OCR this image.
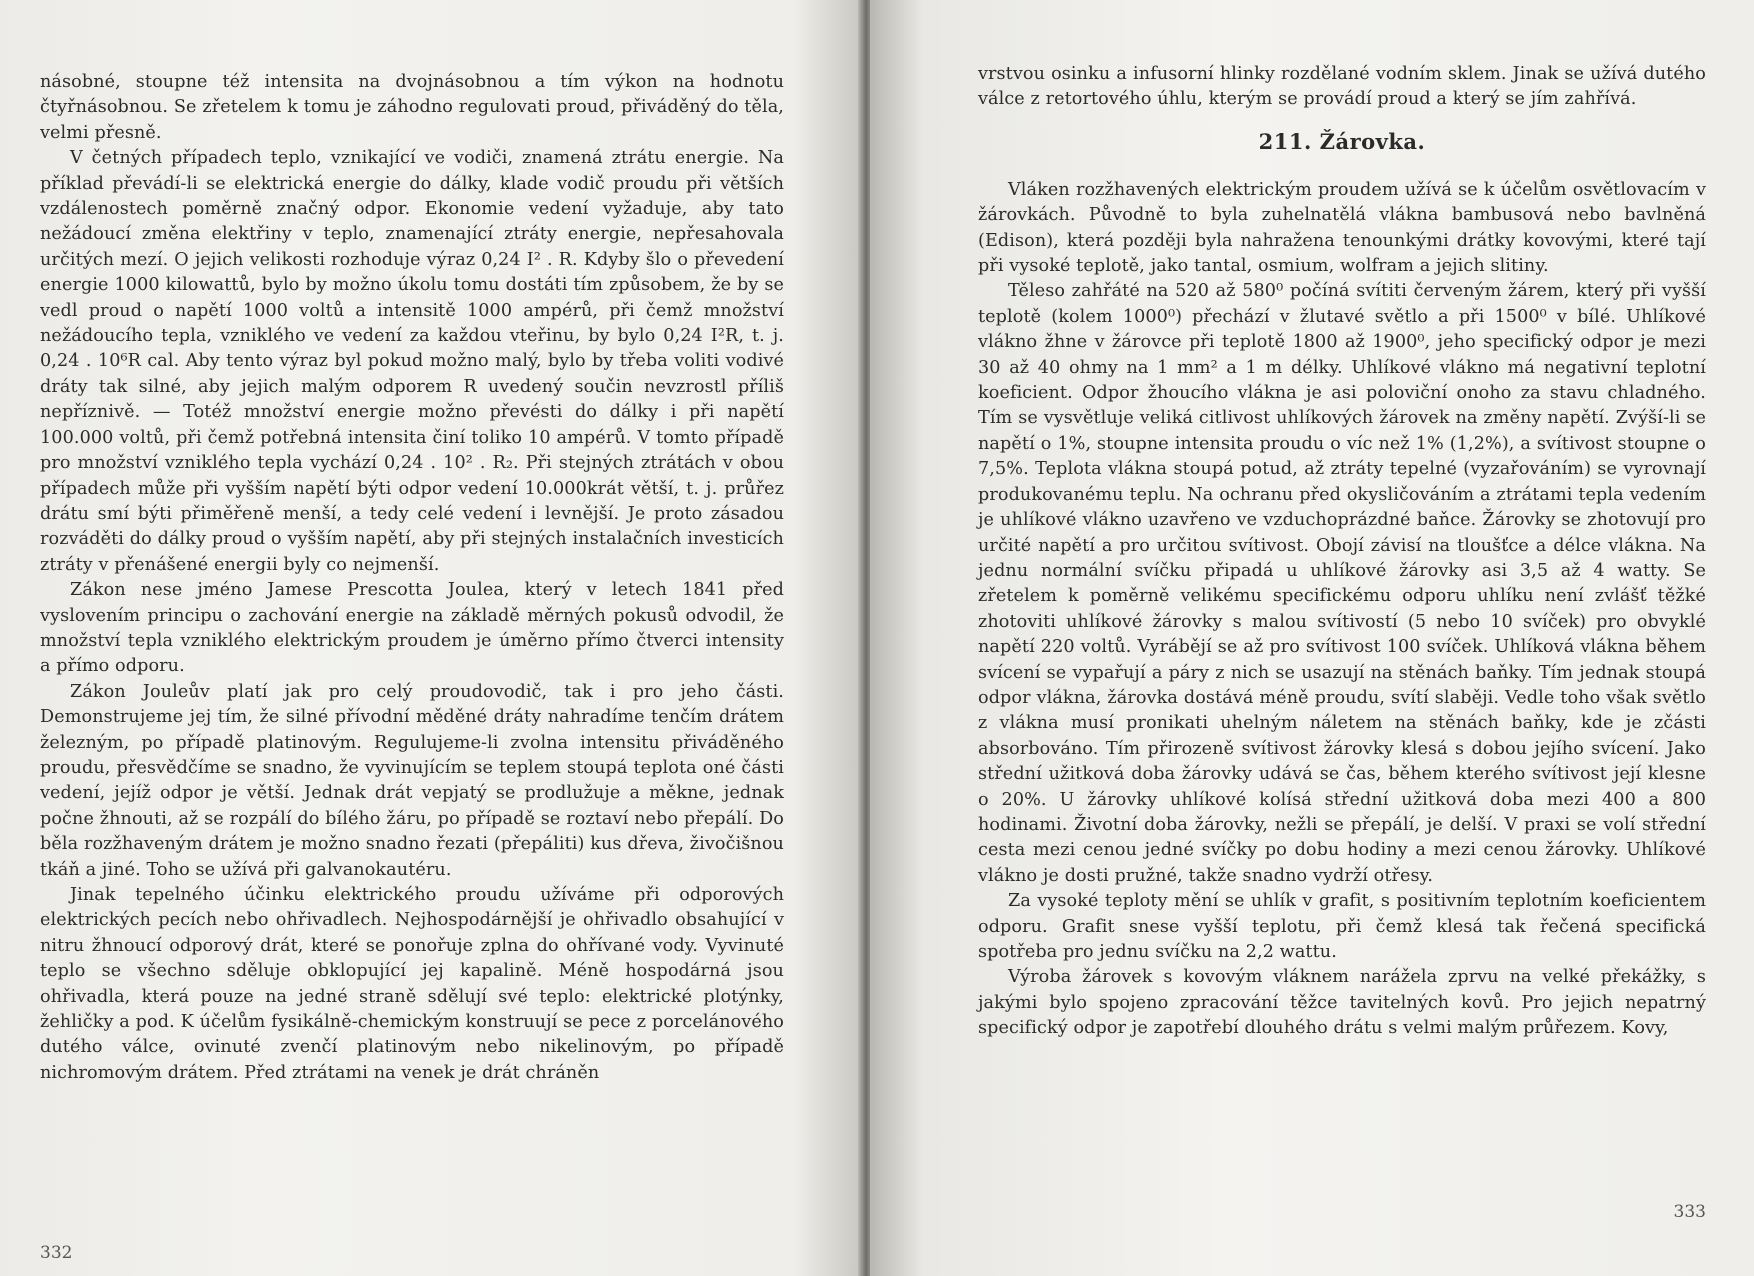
násobné, stoupne též intensita na dvojnásobnou a tím výkon na hodnotu čtyřnásobnou. Se zřetelem k tomu je záhodno regulovati proud, přiváděný do těla, velmi přesně.

V četných případech teplo, vznikající ve vodiči, znamená ztrátu energie. Na příklad převádí-li se elektrická energie do dálky, klade vodič proudu při větších vzdálenostech poměrně značný odpor. Ekonomie vedení vyžaduje, aby tato nežádoucí změna elektřiny v teplo, znamenající ztráty energie, nepřesahovala určitých mezí. O jejich velikosti rozhoduje výraz 0,24 I² . R. Kdyby šlo o převedení energie 1000 kilowattů, bylo by možno úkolu tomu dostáti tím způsobem, že by se vedl proud o napětí 1000 voltů a intensitě 1000 ampérů, při čemž množství nežádoucího tepla, vzniklého ve vedení za každou vteřinu, by bylo 0,24 I²R, t. j. 0,24 . 10⁶R cal. Aby tento výraz byl pokud možno malý, bylo by třeba voliti vodivé dráty tak silné, aby jejich malým odporem R uvedený součin nevzrostl příliš nepříznivě. — Totéž množství energie možno převésti do dálky i při napětí 100.000 voltů, při čemž potřebná intensita činí toliko 10 ampérů. V tomto případě pro množství vzniklého tepla vychází 0,24 . 10² . R₂. Při stejných ztrátách v obou případech může při vyšším napětí býti odpor vedení 10.000krát větší, t. j. průřez drátu smí býti přiměřeně menší, a tedy celé vedení i levnější. Je proto zásadou rozváděti do dálky proud o vyšším napětí, aby při stejných instalačních investicích ztráty v přenášené energii byly co nejmenší.

Zákon nese jméno Jamese Prescotta Joulea, který v letech 1841 před vyslovením principu o zachování energie na základě měrných pokusů odvodil, že množství tepla vzniklého elektrickým proudem je úměrno přímo čtverci intensity a přímo odporu.

Zákon Jouleův platí jak pro celý proudovodič, tak i pro jeho části. Demonstrujeme jej tím, že silné přívodní měděné dráty nahradíme tenčím drátem železným, po případě platinovým. Regulujeme-li zvolna intensitu přiváděného proudu, přesvědčíme se snadno, že vyvinujícím se teplem stoupá teplota oné části vedení, jejíž odpor je větší. Jednak drát vepjatý se prodlužuje a měkne, jednak počne žhnouti, až se rozpálí do bílého žáru, po případě se roztaví nebo přepálí. Do běla rozžhaveným drátem je možno snadno řezati (přepáliti) kus dřeva, živočišnou tkáň a jiné. Toho se užívá při galvanokautéru.

Jinak tepelného účinku elektrického proudu užíváme při odporových elektrických pecích nebo ohřivadlech. Nejhospodárnější je ohřivadlo obsahující v nitru žhnoucí odporový drát, které se ponořuje zplna do ohřívané vody. Vyvinuté teplo se všechno sděluje obklopující jej kapalině. Méně hospodárná jsou ohřivadla, která pouze na jedné straně sdělují své teplo: elektrické plotýnky, žehličky a pod. K účelům fysikálně-chemickým konstruují se pece z porcelánového dutého válce, ovinuté zvenčí platinovým nebo nikelinovým, po případě nichromovým drátem. Před ztrátami na venek je drát chráněn

332

vrstvou osinku a infusorní hlinky rozdělané vodním sklem. Jinak se užívá dutého válce z retortového úhlu, kterým se provádí proud a který se jím zahřívá.

211. Žárovka.

Vláken rozžhavených elektrickým proudem užívá se k účelům osvětlovacím v žárovkách. Původně to byla zuhelnatělá vlákna bambusová nebo bavlněná (Edison), která později byla nahražena tenounkými drátky kovovými, které tají při vysoké teplotě, jako tantal, osmium, wolfram a jejich slitiny.

Těleso zahřáté na 520 až 580⁰ počíná svítiti červeným žárem, který při vyšší teplotě (kolem 1000⁰) přechází v žlutavé světlo a při 1500⁰ v bílé. Uhlíkové vlákno žhne v žárovce při teplotě 1800 až 1900⁰, jeho specifický odpor je mezi 30 až 40 ohmy na 1 mm² a 1 m délky. Uhlíkové vlákno má negativní teplotní koeficient. Odpor žhoucího vlákna je asi poloviční onoho za stavu chladného. Tím se vysvětluje veliká citlivost uhlíkových žárovek na změny napětí. Zvýší-li se napětí o 1%, stoupne intensita proudu o víc než 1% (1,2%), a svítivost stoupne o 7,5%. Teplota vlákna stoupá potud, až ztráty tepelné (vyzařováním) se vyrovnají produkovanému teplu. Na ochranu před okysličováním a ztrátami tepla vedením je uhlíkové vlákno uzavřeno ve vzduchoprázdné baňce. Žárovky se zhotovují pro určité napětí a pro určitou svítivost. Obojí závisí na tloušťce a délce vlákna. Na jednu normální svíčku připadá u uhlíkové žárovky asi 3,5 až 4 watty. Se zřetelem k poměrně velikému specifickému odporu uhlíku není zvlášť těžké zhotoviti uhlíkové žárovky s malou svítivostí (5 nebo 10 svíček) pro obvyklé napětí 220 voltů. Vyrábějí se až pro svítivost 100 svíček. Uhlíková vlákna během svícení se vypařují a páry z nich se usazují na stěnách baňky. Tím jednak stoupá odpor vlákna, žárovka dostává méně proudu, svítí slaběji. Vedle toho však světlo z vlákna musí pronikati uhelným náletem na stěnách baňky, kde je zčásti absorbováno. Tím přirozeně svítivost žárovky klesá s dobou jejího svícení. Jako střední užitková doba žárovky udává se čas, během kterého svítivost její klesne o 20%. U žárovky uhlíkové kolísá střední užitková doba mezi 400 a 800 hodinami. Životní doba žárovky, nežli se přepálí, je delší. V praxi se volí střední cesta mezi cenou jedné svíčky po dobu hodiny a mezi cenou žárovky. Uhlíkové vlákno je dosti pružné, takže snadno vydrží otřesy.

Za vysoké teploty mění se uhlík v grafit, s positivním teplotním koeficientem odporu. Grafit snese vyšší teplotu, při čemž klesá tak řečená specifická spotřeba pro jednu svíčku na 2,2 wattu.

Výroba žárovek s kovovým vláknem narážela zprvu na velké překážky, s jakými bylo spojeno zpracování těžce tavitelných kovů. Pro jejich nepatrný specifický odpor je zapotřebí dlouhého drátu s velmi malým průřezem. Kovy,

333
